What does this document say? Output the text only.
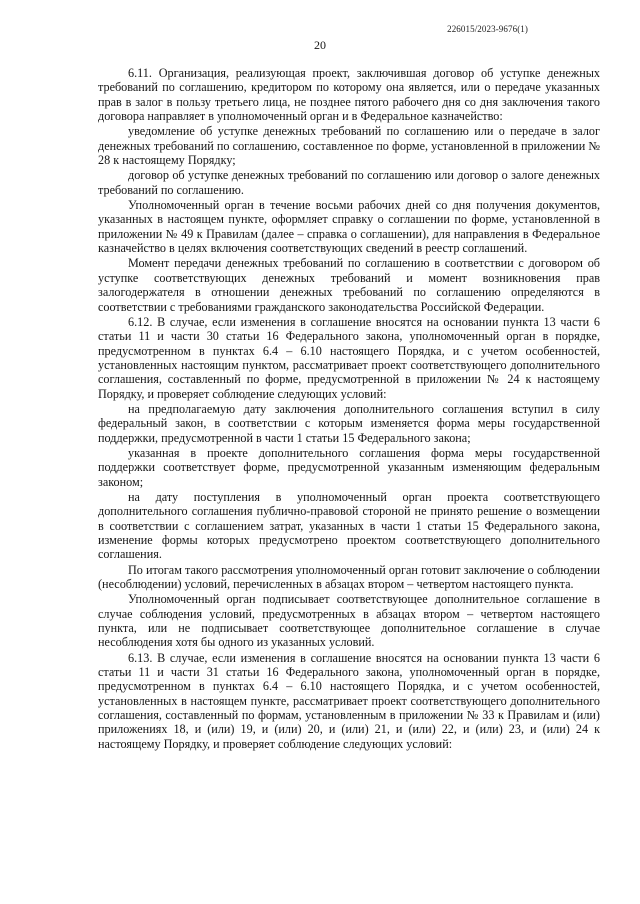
226015/2023-9676(1)
20

6.11. Организация, реализующая проект, заключившая договор об уступке денежных требований по соглашению, кредитором по которому она является, или о передаче указанных прав в залог в пользу третьего лица, не позднее пятого рабочего дня со дня заключения такого договора направляет в уполномоченный орган и в Федеральное казначейство:

уведомление об уступке денежных требований по соглашению или о передаче в залог денежных требований по соглашению, составленное по форме, установленной в приложении № 28 к настоящему Порядку;

договор об уступке денежных требований по соглашению или договор о залоге денежных требований по соглашению.

Уполномоченный орган в течение восьми рабочих дней со дня получения документов, указанных в настоящем пункте, оформляет справку о соглашении по форме, установленной в приложении № 49 к Правилам (далее – справка о соглашении), для направления в Федеральное казначейство в целях включения соответствующих сведений в реестр соглашений.

Момент передачи денежных требований по соглашению в соответствии с договором об уступке соответствующих денежных требований и момент возникновения прав залогодержателя в отношении денежных требований по соглашению определяются в соответствии с требованиями гражданского законодательства Российской Федерации.

6.12. В случае, если изменения в соглашение вносятся на основании пункта 13 части 6 статьи 11 и части 30 статьи 16 Федерального закона, уполномоченный орган в порядке, предусмотренном в пунктах 6.4 – 6.10 настоящего Порядка, и с учетом особенностей, установленных настоящим пунктом, рассматривает проект соответствующего дополнительного соглашения, составленный по форме, предусмотренной в приложении № 24 к настоящему Порядку, и проверяет соблюдение следующих условий:

на предполагаемую дату заключения дополнительного соглашения вступил в силу федеральный закон, в соответствии с которым изменяется форма меры государственной поддержки, предусмотренной в части 1 статьи 15 Федерального закона;

указанная в проекте дополнительного соглашения форма меры государственной поддержки соответствует форме, предусмотренной указанным изменяющим федеральным законом;

на дату поступления в уполномоченный орган проекта соответствующего дополнительного соглашения публично-правовой стороной не принято решение о возмещении в соответствии с соглашением затрат, указанных в части 1 статьи 15 Федерального закона, изменение формы которых предусмотрено проектом соответствующего дополнительного соглашения.

По итогам такого рассмотрения уполномоченный орган готовит заключение о соблюдении (несоблюдении) условий, перечисленных в абзацах втором – четвертом настоящего пункта.

Уполномоченный орган подписывает соответствующее дополнительное соглашение в случае соблюдения условий, предусмотренных в абзацах втором – четвертом настоящего пункта, или не подписывает соответствующее дополнительное соглашение в случае несоблюдения хотя бы одного из указанных условий.

6.13. В случае, если изменения в соглашение вносятся на основании пункта 13 части 6 статьи 11 и части 31 статьи 16 Федерального закона, уполномоченный орган в порядке, предусмотренном в пунктах 6.4 – 6.10 настоящего Порядка, и с учетом особенностей, установленных в настоящем пункте, рассматривает проект соответствующего дополнительного соглашения, составленный по формам, установленным в приложении № 33 к Правилам и (или) приложениях 18, и (или) 19, и (или) 20, и (или) 21, и (или) 22, и (или) 23, и (или) 24 к настоящему Порядку, и проверяет соблюдение следующих условий:
